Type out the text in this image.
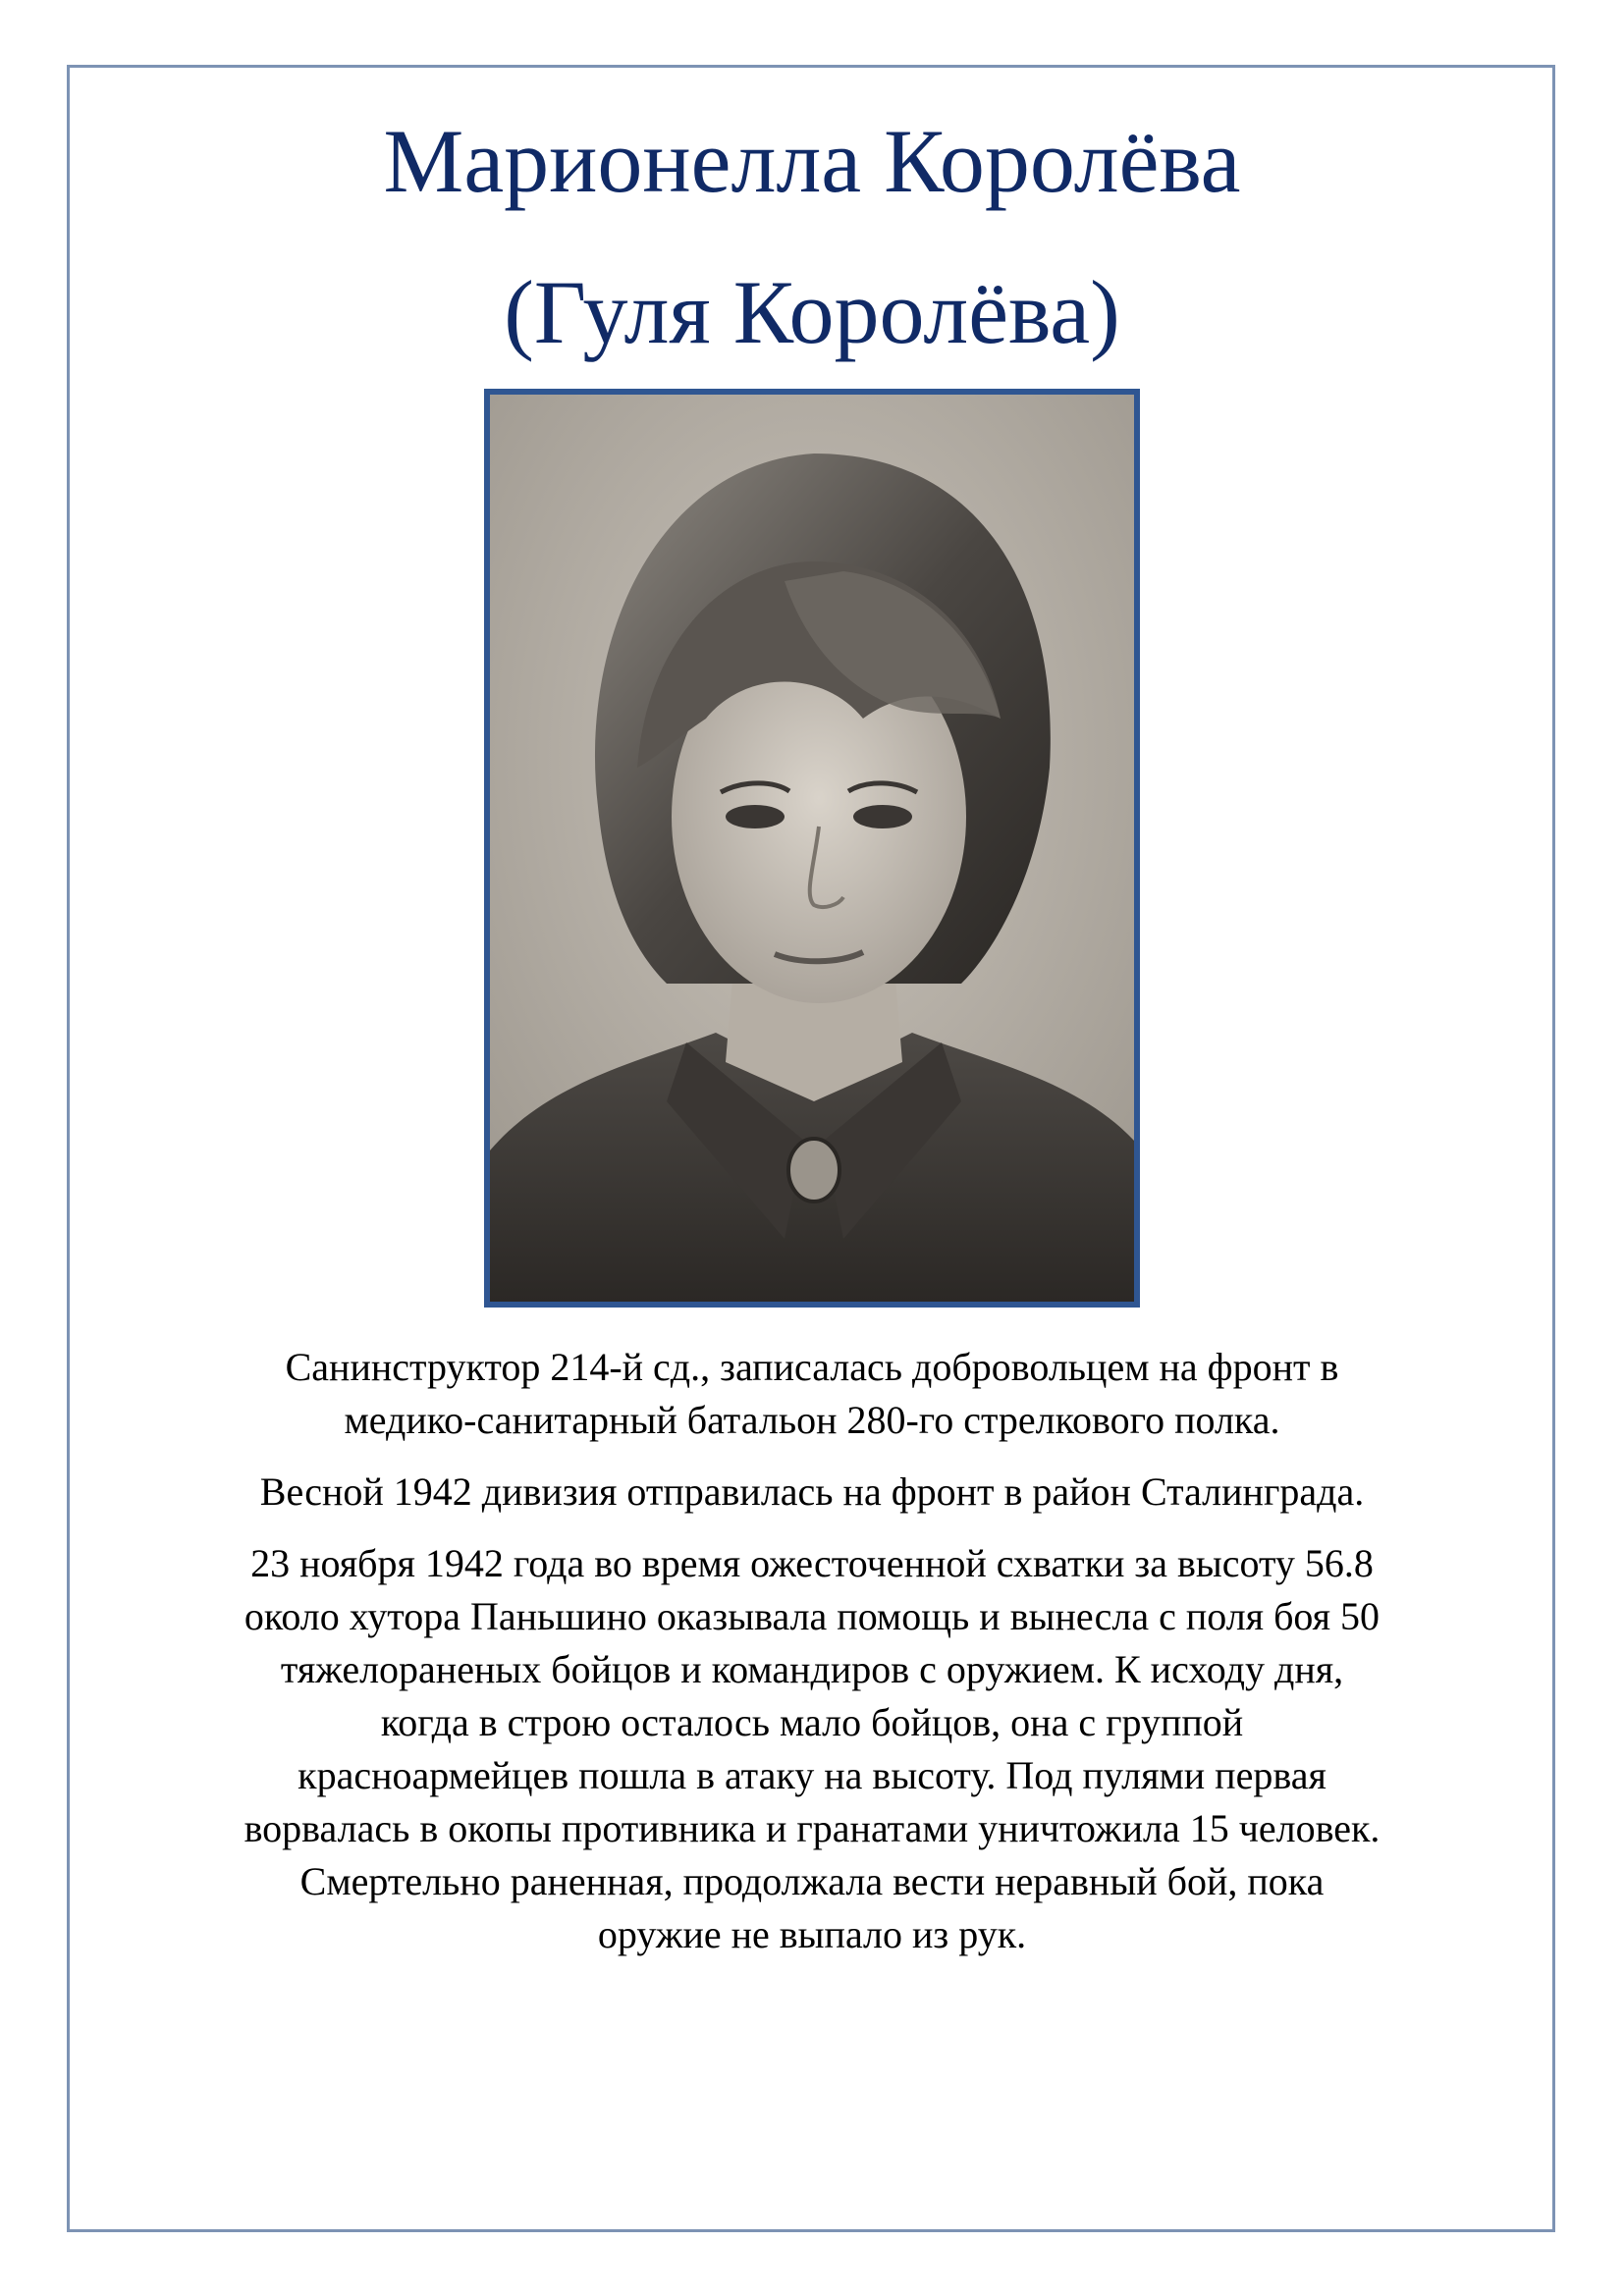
Марионелла Королёва
(Гуля Королёва)

Санинструктор 214-й сд., записалась добровольцем на фронт в
медико-санитарный батальон 280-го стрелкового полка.

Весной 1942 дивизия отправилась на фронт в район Сталинграда.

23 ноября 1942 года во время ожесточенной схватки за высоту 56.8
около хутора Паньшино оказывала помощь и вынесла с поля боя 50
тяжелораненых бойцов и командиров с оружием. К исходу дня,
когда в строю осталось мало бойцов, она с группой
красноармейцев пошла в атаку на высоту. Под пулями первая
ворвалась в окопы противника и гранатами уничтожила 15 человек.
Смертельно раненная, продолжала вести неравный бой, пока
оружие не выпало из рук.
